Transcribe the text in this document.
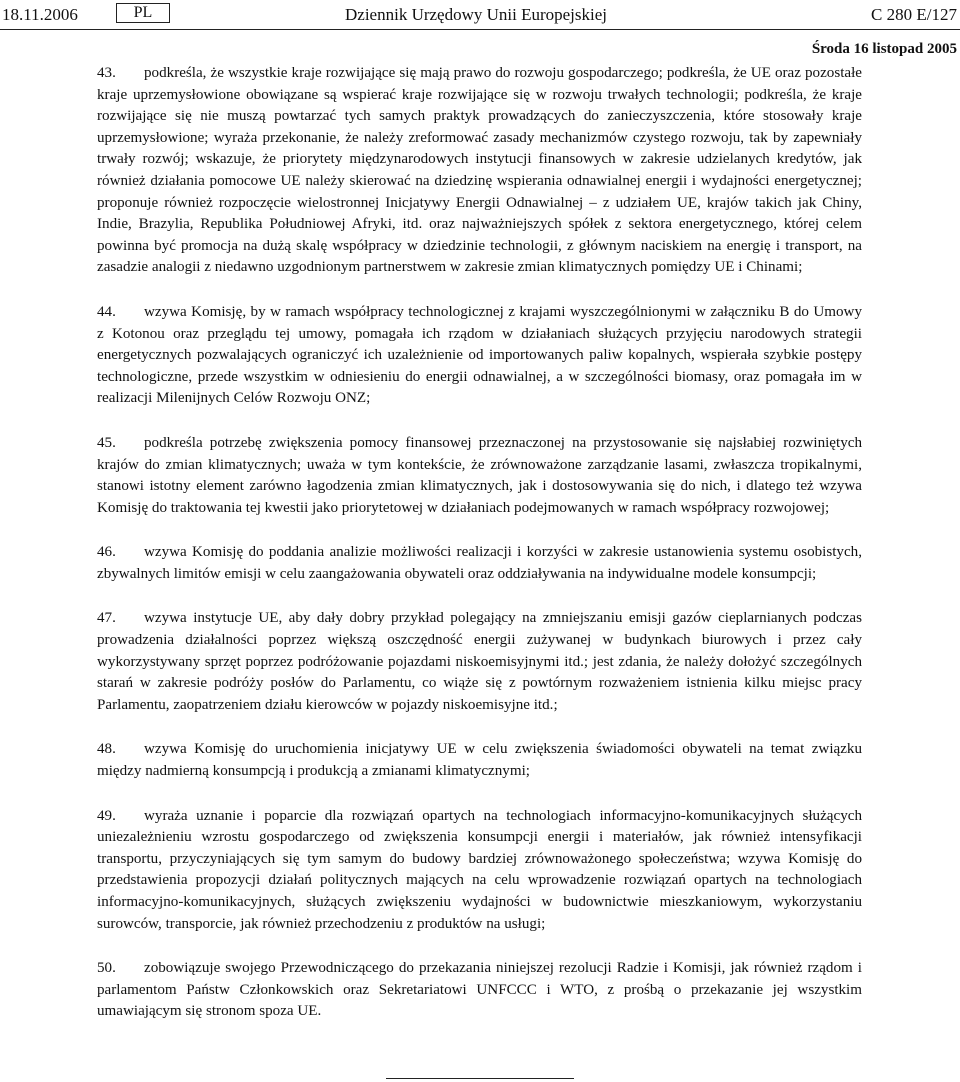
18.11.2006	PL	Dziennik Urzędowy Unii Europejskiej	C 280 E/127
Środa 16 listopad 2005

43. podkreśla, że wszystkie kraje rozwijające się mają prawo do rozwoju gospodarczego; podkreśla, że UE oraz pozostałe kraje uprzemysłowione obowiązane są wspierać kraje rozwijające się w rozwoju trwałych technologii; podkreśla, że kraje rozwijające się nie muszą powtarzać tych samych praktyk prowadzących do zanieczyszczenia, które stosowały kraje uprzemysłowione; wyraża przekonanie, że należy zreformować zasady mechanizmów czystego rozwoju, tak by zapewniały trwały rozwój; wskazuje, że priorytety międzynarodowych instytucji finansowych w zakresie udzielanych kredytów, jak również działania pomocowe UE należy skierować na dziedzinę wspierania odnawialnej energii i wydajności energetycznej; proponuje również rozpoczęcie wielostronnej Inicjatywy Energii Odnawialnej – z udziałem UE, krajów takich jak Chiny, Indie, Brazylia, Republika Południowej Afryki, itd. oraz najważniejszych spółek z sektora energetycznego, której celem powinna być promocja na dużą skalę współpracy w dziedzinie technologii, z głównym naciskiem na energię i transport, na zasadzie analogii z niedawno uzgodnionym partnerstwem w zakresie zmian klimatycznych pomiędzy UE i Chinami;

44. wzywa Komisję, by w ramach współpracy technologicznej z krajami wyszczególnionymi w załączniku B do Umowy z Kotonou oraz przeglądu tej umowy, pomagała ich rządom w działaniach służących przyjęciu narodowych strategii energetycznych pozwalających ograniczyć ich uzależnienie od importowanych paliw kopalnych, wspierała szybkie postępy technologiczne, przede wszystkim w odniesieniu do energii odnawialnej, a w szczególności biomasy, oraz pomagała im w realizacji Milenijnych Celów Rozwoju ONZ;

45. podkreśla potrzebę zwiększenia pomocy finansowej przeznaczonej na przystosowanie się najsłabiej rozwiniętych krajów do zmian klimatycznych; uważa w tym kontekście, że zrównoważone zarządzanie lasami, zwłaszcza tropikalnymi, stanowi istotny element zarówno łagodzenia zmian klimatycznych, jak i dostosowywania się do nich, i dlatego też wzywa Komisję do traktowania tej kwestii jako priorytetowej w działaniach podejmowanych w ramach współpracy rozwojowej;

46. wzywa Komisję do poddania analizie możliwości realizacji i korzyści w zakresie ustanowienia systemu osobistych, zbywalnych limitów emisji w celu zaangażowania obywateli oraz oddziaływania na indywidualne modele konsumpcji;

47. wzywa instytucje UE, aby dały dobry przykład polegający na zmniejszaniu emisji gazów cieplarnianych podczas prowadzenia działalności poprzez większą oszczędność energii zużywanej w budynkach biurowych i przez cały wykorzystywany sprzęt poprzez podróżowanie pojazdami niskoemisyjnymi itd.; jest zdania, że należy dołożyć szczególnych starań w zakresie podróży posłów do Parlamentu, co wiąże się z powtórnym rozważeniem istnienia kilku miejsc pracy Parlamentu, zaopatrzeniem działu kierowców w pojazdy niskoemisyjne itd.;

48. wzywa Komisję do uruchomienia inicjatywy UE w celu zwiększenia świadomości obywateli na temat związku między nadmierną konsumpcją i produkcją a zmianami klimatycznymi;

49. wyraża uznanie i poparcie dla rozwiązań opartych na technologiach informacyjno-komunikacyjnych służących uniezależnieniu wzrostu gospodarczego od zwiększenia konsumpcji energii i materiałów, jak również intensyfikacji transportu, przyczyniających się tym samym do budowy bardziej zrównoważonego społeczeństwa; wzywa Komisję do przedstawienia propozycji działań politycznych mających na celu wprowadzenie rozwiązań opartych na technologiach informacyjno-komunikacyjnych, służących zwiększeniu wydajności w budownictwie mieszkaniowym, wykorzystaniu surowców, transporcie, jak również przechodzeniu z produktów na usługi;

50. zobowiązuje swojego Przewodniczącego do przekazania niniejszej rezolucji Radzie i Komisji, jak również rządom i parlamentom Państw Członkowskich oraz Sekretariatowi UNFCCC i WTO, z prośbą o przekazanie jej wszystkim umawiającym się stronom spoza UE.
